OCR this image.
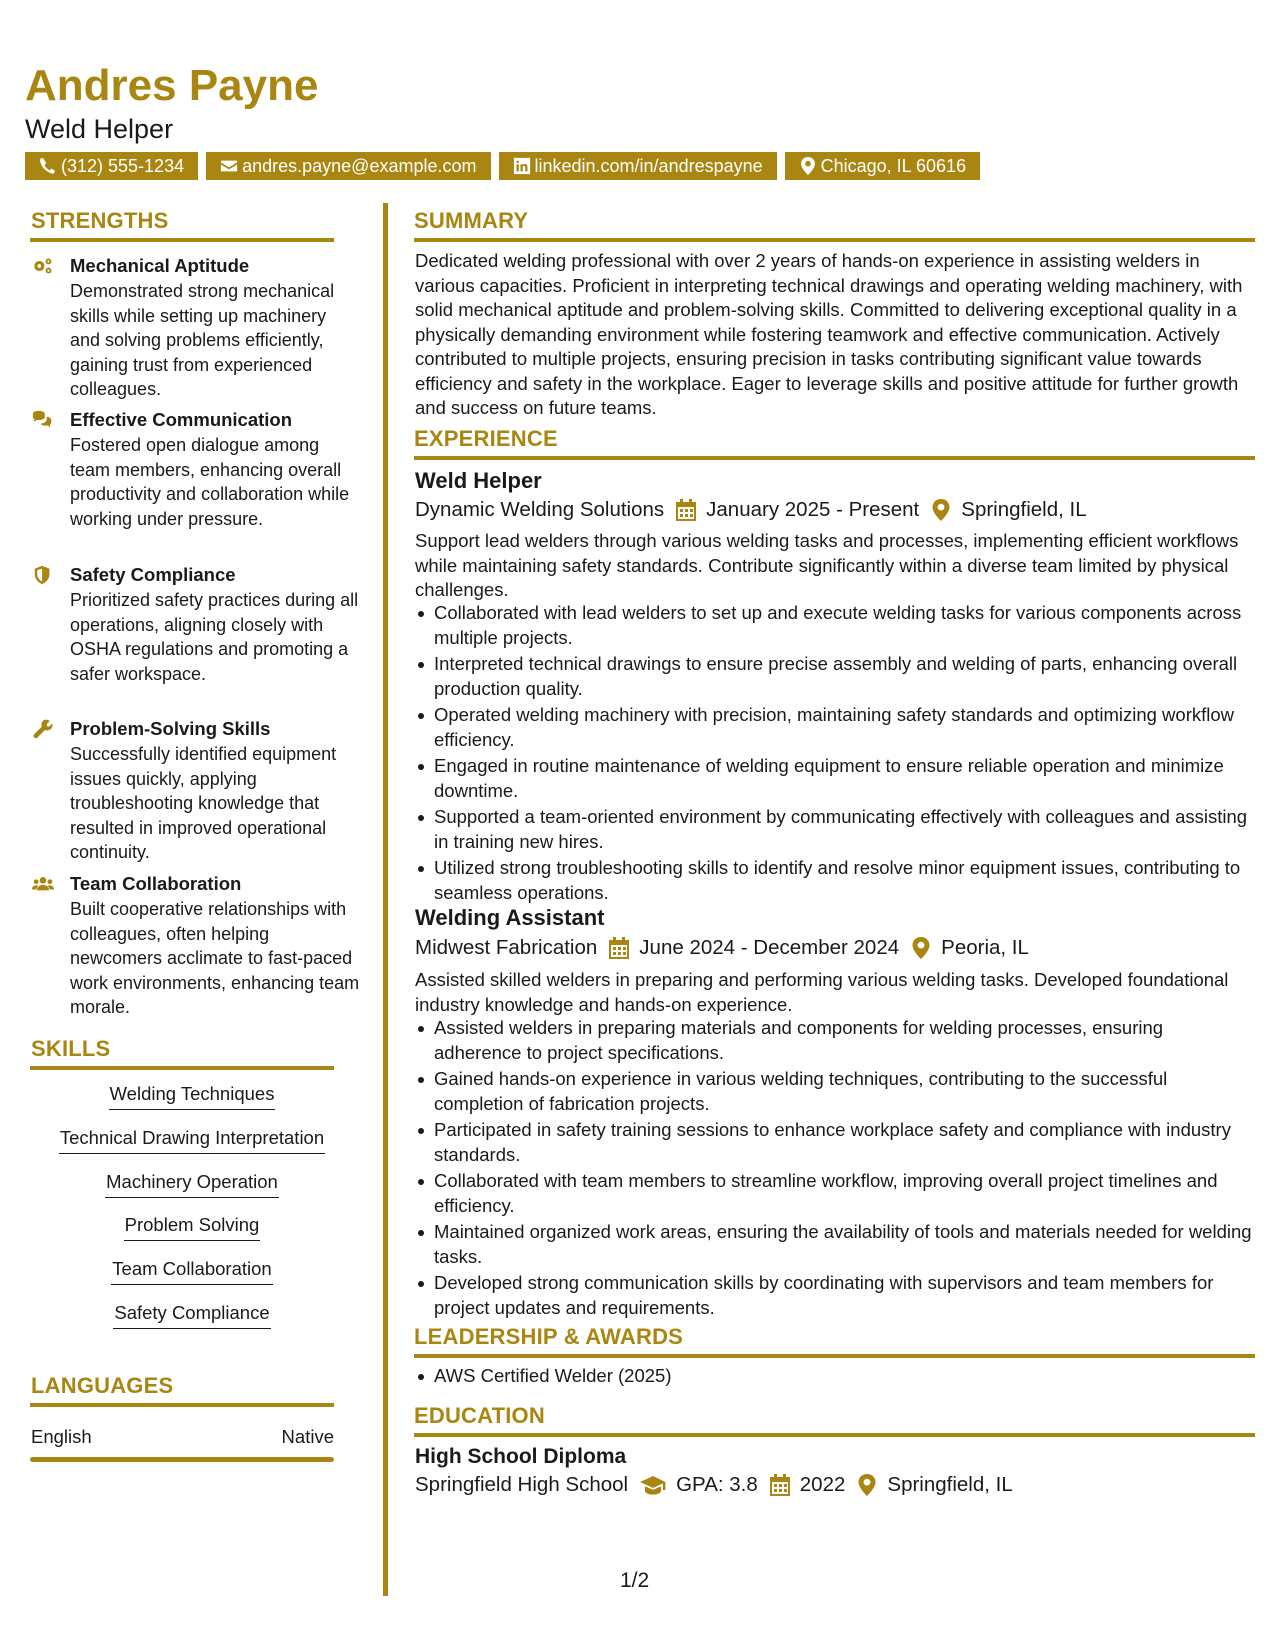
Andres Payne
Weld Helper
(312) 555-1234	andres.payne@example.com	linkedin.com/in/andrespayne	Chicago, IL 60616
STRENGTHS
Mechanical Aptitude
Demonstrated strong mechanical skills while setting up machinery and solving problems efficiently, gaining trust from experienced colleagues.
Effective Communication
Fostered open dialogue among team members, enhancing overall productivity and collaboration while working under pressure.
Safety Compliance
Prioritized safety practices during all operations, aligning closely with OSHA regulations and promoting a safer workspace.
Problem-Solving Skills
Successfully identified equipment issues quickly, applying troubleshooting knowledge that resulted in improved operational continuity.
Team Collaboration
Built cooperative relationships with colleagues, often helping newcomers acclimate to fast-paced work environments, enhancing team morale.
SKILLS
Welding Techniques
Technical Drawing Interpretation
Machinery Operation
Problem Solving
Team Collaboration
Safety Compliance
LANGUAGES
English	Native
SUMMARY
Dedicated welding professional with over 2 years of hands-on experience in assisting welders in various capacities. Proficient in interpreting technical drawings and operating welding machinery, with solid mechanical aptitude and problem-solving skills. Committed to delivering exceptional quality in a physically demanding environment while fostering teamwork and effective communication. Actively contributed to multiple projects, ensuring precision in tasks contributing significant value towards efficiency and safety in the workplace. Eager to leverage skills and positive attitude for further growth and success on future teams.
EXPERIENCE
Weld Helper
Dynamic Welding Solutions January 2025 - Present Springfield, IL
Support lead welders through various welding tasks and processes, implementing efficient workflows while maintaining safety standards. Contribute significantly within a diverse team limited by physical challenges.
Collaborated with lead welders to set up and execute welding tasks for various components across multiple projects.
Interpreted technical drawings to ensure precise assembly and welding of parts, enhancing overall production quality.
Operated welding machinery with precision, maintaining safety standards and optimizing workflow efficiency.
Engaged in routine maintenance of welding equipment to ensure reliable operation and minimize downtime.
Supported a team-oriented environment by communicating effectively with colleagues and assisting in training new hires.
Utilized strong troubleshooting skills to identify and resolve minor equipment issues, contributing to seamless operations.
Welding Assistant
Midwest Fabrication June 2024 - December 2024 Peoria, IL
Assisted skilled welders in preparing and performing various welding tasks. Developed foundational industry knowledge and hands-on experience.
Assisted welders in preparing materials and components for welding processes, ensuring adherence to project specifications.
Gained hands-on experience in various welding techniques, contributing to the successful completion of fabrication projects.
Participated in safety training sessions to enhance workplace safety and compliance with industry standards.
Collaborated with team members to streamline workflow, improving overall project timelines and efficiency.
Maintained organized work areas, ensuring the availability of tools and materials needed for welding tasks.
Developed strong communication skills by coordinating with supervisors and team members for project updates and requirements.
LEADERSHIP & AWARDS
AWS Certified Welder (2025)
EDUCATION
High School Diploma
Springfield High School GPA: 3.8 2022 Springfield, IL
1/2
